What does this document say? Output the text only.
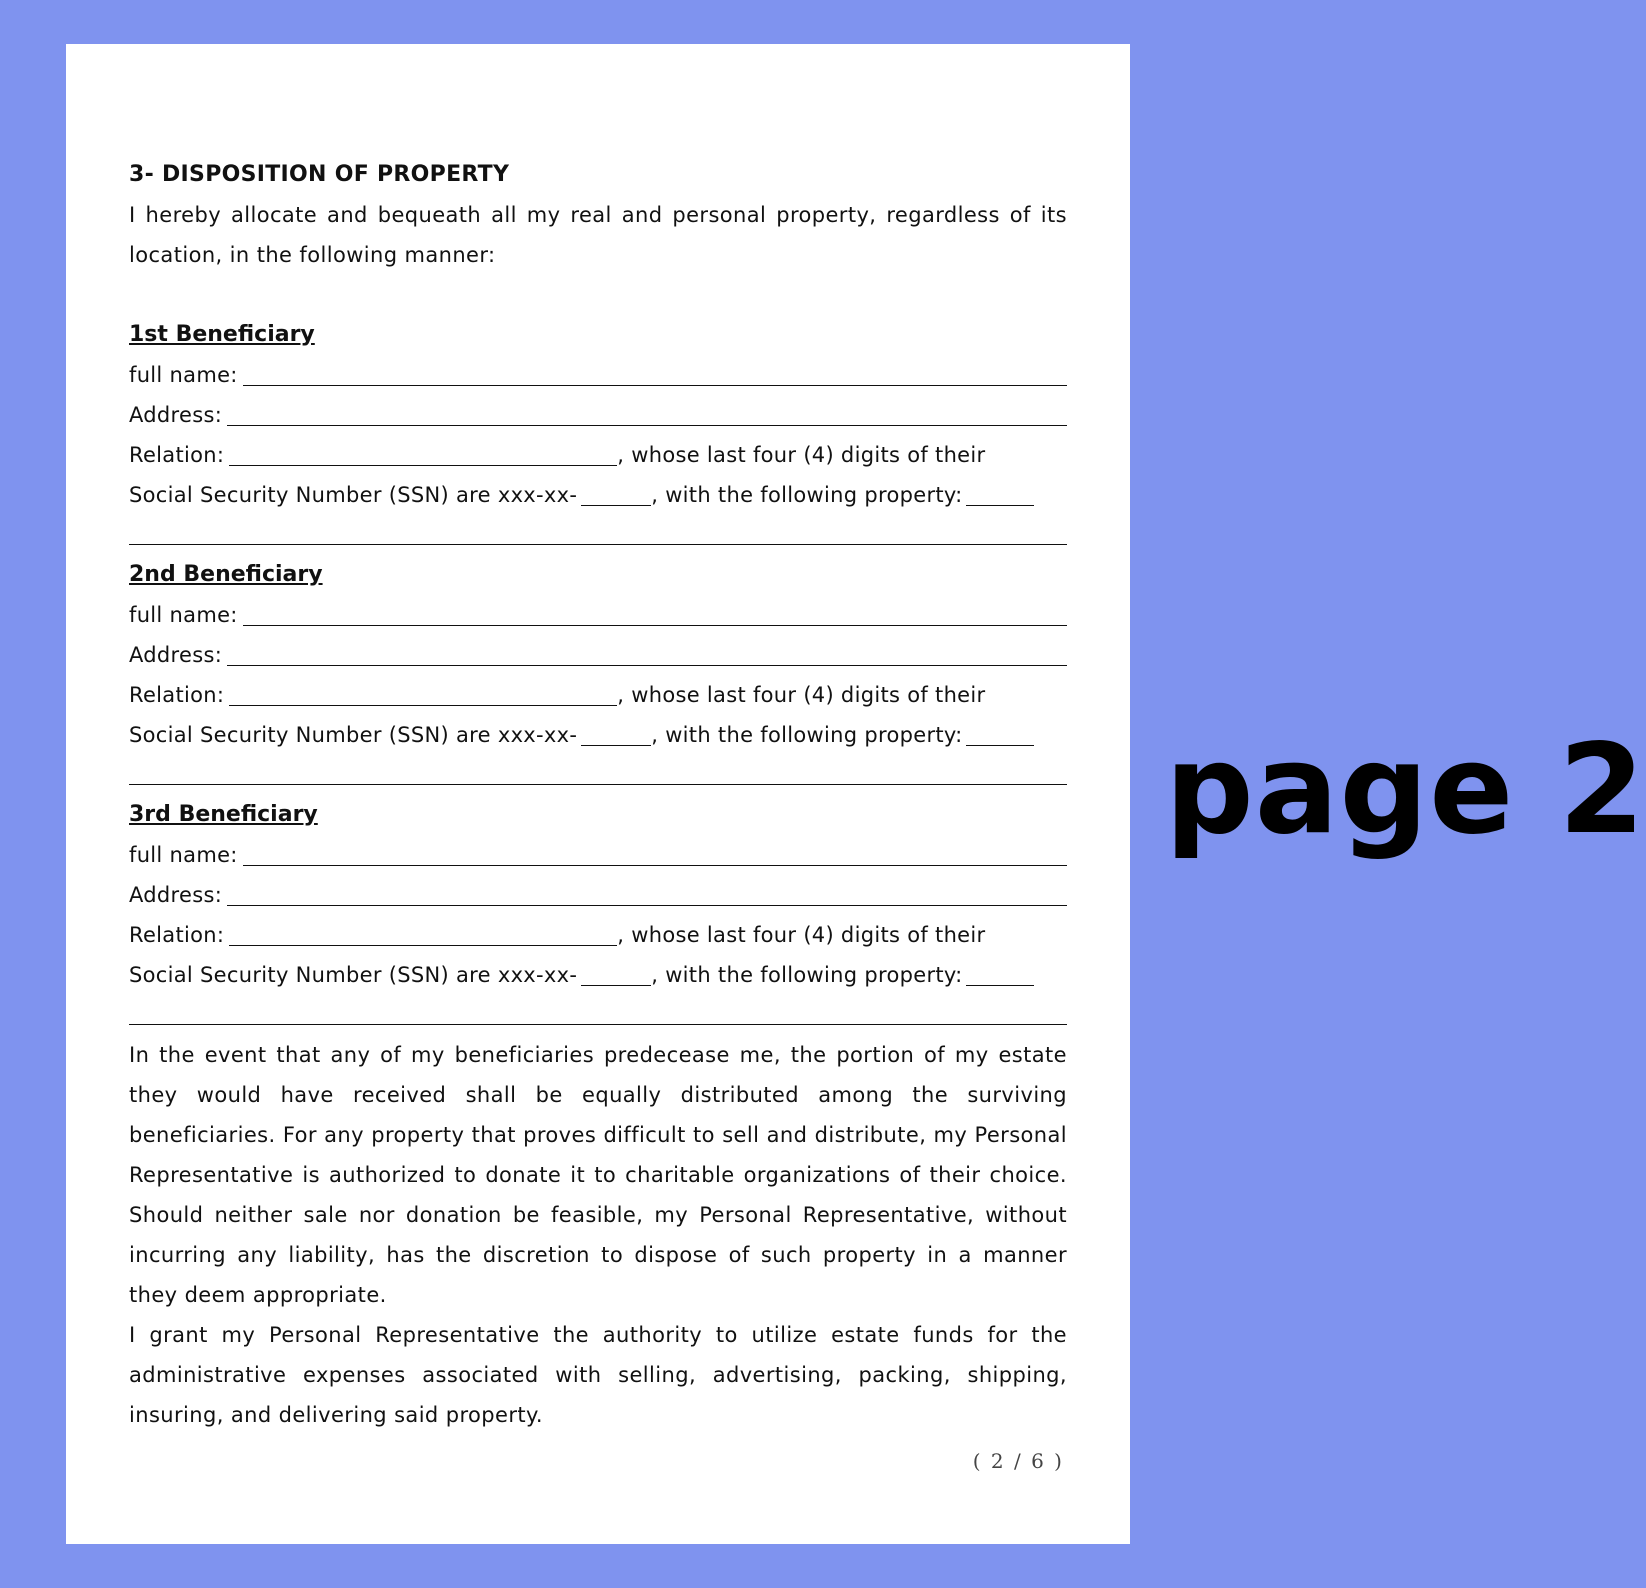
3- DISPOSITION OF PROPERTY
I hereby allocate and bequeath all my real and personal property, regardless of its location, in the following manner:
1st Beneficiary
full name:
Address:
Relation:	, whose last four (4) digits of their
Social Security Number (SSN) are xxx-xx-	, with the following property:
2nd Beneficiary
full name:
Address:
Relation:	, whose last four (4) digits of their
Social Security Number (SSN) are xxx-xx-	, with the following property:
3rd Beneficiary
full name:
Address:
Relation:	, whose last four (4) digits of their
Social Security Number (SSN) are xxx-xx-	, with the following property:
In the event that any of my beneficiaries predecease me, the portion of my estate they would have received shall be equally distributed among the surviving beneficiaries. For any property that proves difficult to sell and distribute, my Personal Representative is authorized to donate it to charitable organizations of their choice. Should neither sale nor donation be feasible, my Personal Representative, without incurring any liability, has the discretion to dispose of such property in a manner they deem appropriate.
I grant my Personal Representative the authority to utilize estate funds for the administrative expenses associated with selling, advertising, packing, shipping, insuring, and delivering said property.
( 2 / 6 )
page 2
